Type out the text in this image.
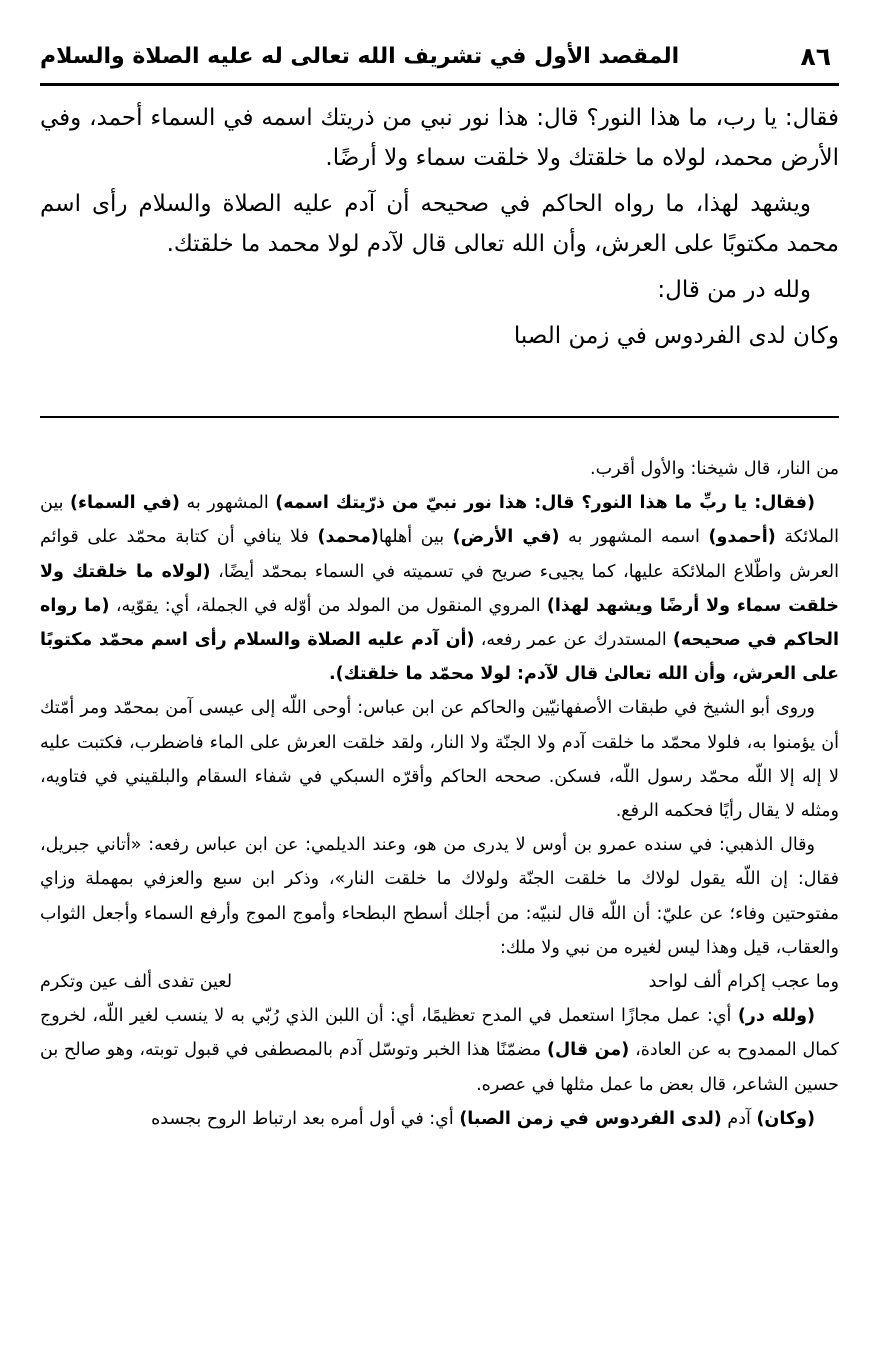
٨٦
المقصد الأول في تشريف الله تعالى له عليه الصلاة والسلام

فقال: يا رب، ما هذا النور؟ قال: هذا نور نبي من ذريتك اسمه في السماء أحمد، وفي الأرض محمد، لولاه ما خلقتك ولا خلقت سماء ولا أرضًا.

ويشهد لهذا، ما رواه الحاكم في صحيحه أن آدم عليه الصلاة والسلام رأى اسم محمد مكتوبًا على العرش، وأن الله تعالى قال لآدم لولا محمد ما خلقتك.

ولله در من قال:

وكان لدى الفردوس في زمن الصبا

من النار، قال شيخنا: والأول أقرب.

(فقال: يا ربِّ ما هذا النور؟ قال: هذا نور نبيّ من ذرّيتك اسمه) المشهور به (في السماء) بين الملائكة (أحمدو) اسمه المشهور به (في الأرض) بين أهلها(محمد) فلا ينافي أن كتابة محمّد على قوائم العرش واطّلاع الملائكة عليها، كما يجيىء صريح في تسميته في السماء بمحمّد أيضًا، (لولاه ما خلقتك ولا خلقت سماء ولا أرضًا ويشهد لهذا) المروي المنقول من المولد من أوّله في الجملة، أي: يقوّيه، (ما رواه الحاكم في صحيحه) المستدرك عن عمر رفعه، (أن آدم عليه الصلاة والسلام رأى اسم محمّد مكتوبًا على العرش، وأن الله تعالىٰ قال لآدم: لولا محمّد ما خلقتك).

وروى أبو الشيخ في طبقات الأصفهانيّين والحاكم عن ابن عباس: أوحى اللّه إلى عيسى آمن بمحمّد ومر أمّتك أن يؤمنوا به، فلولا محمّد ما خلقت آدم ولا الجنّة ولا النار، ولقد خلقت العرش على الماء فاضطرب، فكتبت عليه لا إله إلا اللّه محمّد رسول اللّه، فسكن. صححه الحاكم وأقرّه السبكي في شفاء السقام والبلقيني في فتاويه، ومثله لا يقال رأيًا فحكمه الرفع.

وقال الذهبي: في سنده عمرو بن أوس لا يدرى من هو، وعند الديلمي: عن ابن عباس رفعه: «أتاني جبريل، فقال: إن اللّه يقول لولاك ما خلقت الجنّة ولولاك ما خلقت النار»، وذكر ابن سبع والعزفي بمهملة وزاي مفتوحتين وفاء؛ عن عليّ: أن اللّه قال لنبيّه: من أجلك أسطح البطحاء وأموج الموج وأرفع السماء وأجعل الثواب والعقاب، قيل وهذا ليس لغيره من نبي ولا ملك:

وما عجب إكرام ألف لواحد
لعين تفدى ألف عين وتكرم

(ولله در) أي: عمل مجازًا استعمل في المدح تعظيمًا، أي: أن اللبن الذي رُبّي به لا ينسب لغير اللّه، لخروج كمال الممدوح به عن العادة، (من قال) مضمّنًا هذا الخبر وتوسّل آدم بالمصطفى في قبول توبته، وهو صالح بن حسين الشاعر، قال بعض ما عمل مثلها في عصره.

(وكان) آدم (لدى الفردوس في زمن الصبا) أي: في أول أمره بعد ارتباط الروح بجسده
